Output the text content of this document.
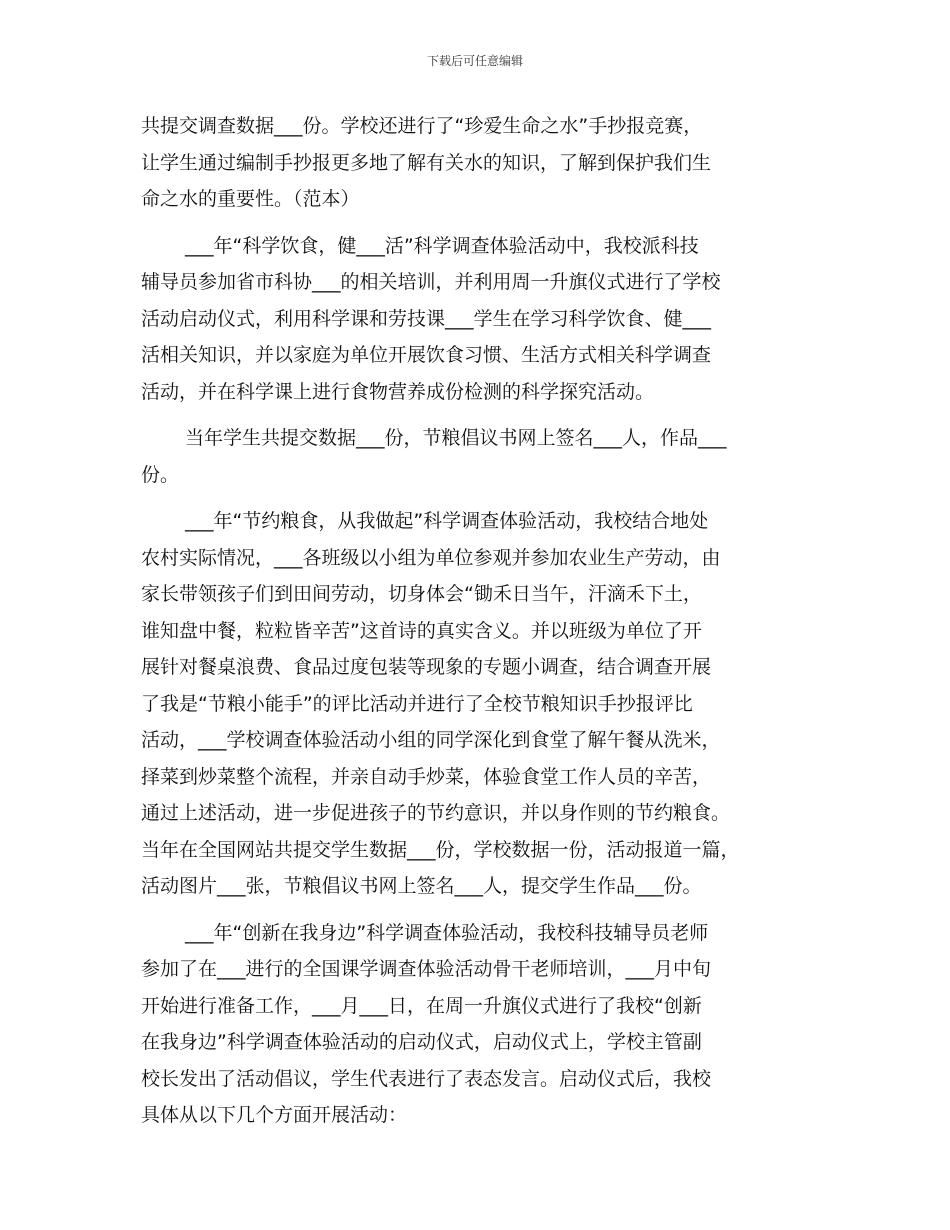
下载后可任意编辑
共提交调查数据___份。学校还进行了“珍爱生命之水”手抄报竞赛，
让学生通过编制手抄报更多地了解有关水的知识，了解到保护我们生
命之水的重要性。（范本）
___年“科学饮食，健___活”科学调查体验活动中，我校派科技
辅导员参加省市科协___的相关培训，并利用周一升旗仪式进行了学校
活动启动仪式，利用科学课和劳技课___学生在学习科学饮食、健___
活相关知识，并以家庭为单位开展饮食习惯、生活方式相关科学调查
活动，并在科学课上进行食物营养成份检测的科学探究活动。
当年学生共提交数据___份，节粮倡议书网上签名___人，作品___
份。
___年“节约粮食，从我做起”科学调查体验活动，我校结合地处
农村实际情况，___各班级以小组为单位参观并参加农业生产劳动，由
家长带领孩子们到田间劳动，切身体会“锄禾日当午，汗滴禾下土，
谁知盘中餐，粒粒皆辛苦”这首诗的真实含义。并以班级为单位了开
展针对餐桌浪费、食品过度包装等现象的专题小调查，结合调查开展
了我是“节粮小能手”的评比活动并进行了全校节粮知识手抄报评比
活动，___学校调查体验活动小组的同学深化到食堂了解午餐从洗米，
择菜到炒菜整个流程，并亲自动手炒菜，体验食堂工作人员的辛苦，
通过上述活动，进一步促进孩子的节约意识，并以身作则的节约粮食。
当年在全国网站共提交学生数据___份，学校数据一份，活动报道一篇，
活动图片___张，节粮倡议书网上签名___人，提交学生作品___份。
___年“创新在我身边”科学调查体验活动，我校科技辅导员老师
参加了在___进行的全国课学调查体验活动骨干老师培训，___月中旬
开始进行准备工作，___月___日，在周一升旗仪式进行了我校“创新
在我身边”科学调查体验活动的启动仪式，启动仪式上，学校主管副
校长发出了活动倡议，学生代表进行了表态发言。启动仪式后，我校
具体从以下几个方面开展活动：
